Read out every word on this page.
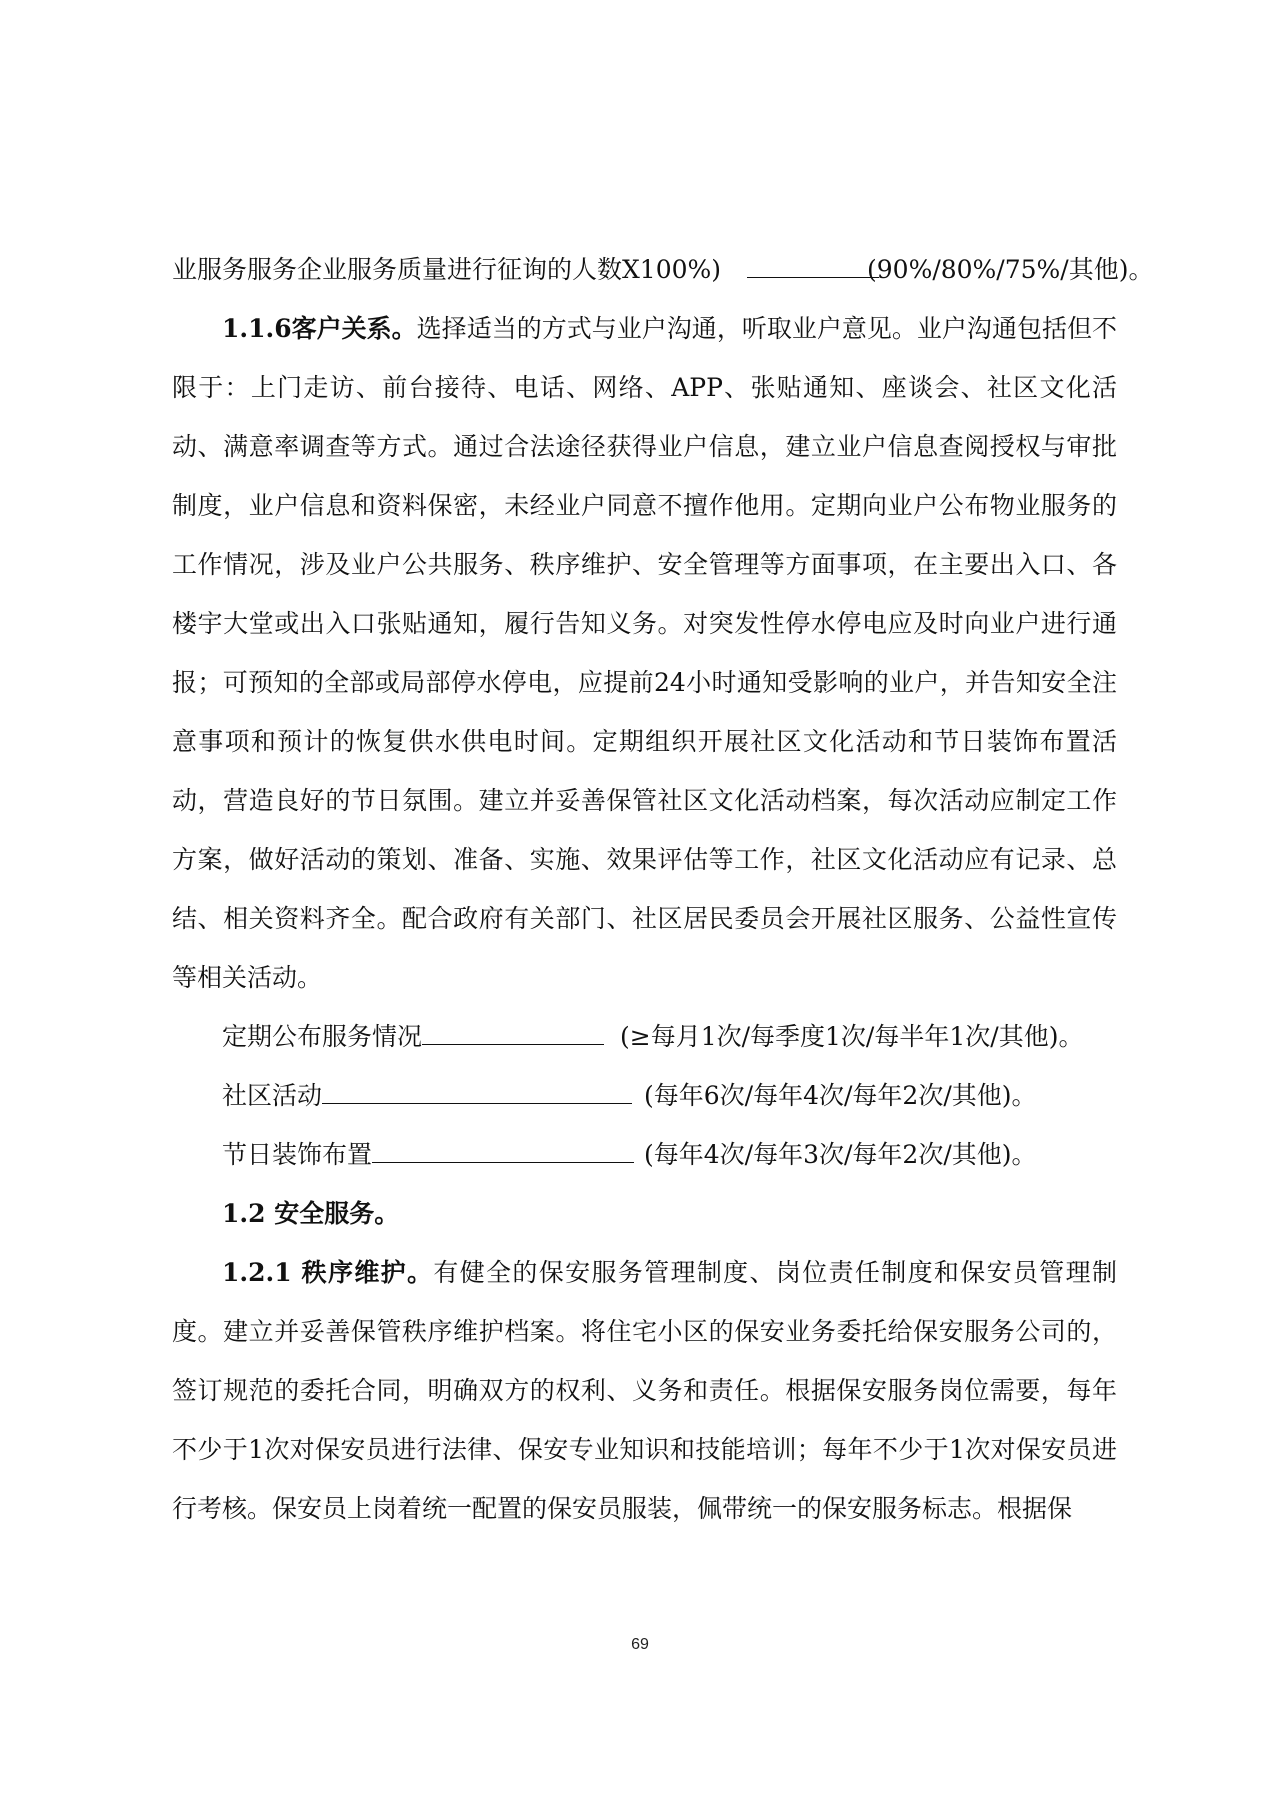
业服务服务企业服务质量进行征询的人数X100%)	(90%/80%/75%/其他)。

1.1.6客户关系。选择适当的方式与业户沟通，听取业户意见。业户沟通包括但不限于：上门走访、前台接待、电话、网络、APP、张贴通知、座谈会、社区文化活动、满意率调查等方式。通过合法途径获得业户信息，建立业户信息查阅授权与审批制度，业户信息和资料保密，未经业户同意不擅作他用。定期向业户公布物业服务的工作情况，涉及业户公共服务、秩序维护、安全管理等方面事项，在主要出入口、各楼宇大堂或出入口张贴通知，履行告知义务。对突发性停水停电应及时向业户进行通报；可预知的全部或局部停水停电，应提前24小时通知受影响的业户，并告知安全注意事项和预计的恢复供水供电时间。定期组织开展社区文化活动和节日装饰布置活动，营造良好的节日氛围。建立并妥善保管社区文化活动档案，每次活动应制定工作方案，做好活动的策划、准备、实施、效果评估等工作，社区文化活动应有记录、总结、相关资料齐全。配合政府有关部门、社区居民委员会开展社区服务、公益性宣传等相关活动。

定期公布服务情况	(≥每月1次/每季度1次/每半年1次/其他)。

社区活动	(每年6次/每年4次/每年2次/其他)。

节日装饰布置	(每年4次/每年3次/每年2次/其他)。

1.2 安全服务。

1.2.1 秩序维护。有健全的保安服务管理制度、岗位责任制度和保安员管理制度。建立并妥善保管秩序维护档案。将住宅小区的保安业务委托给保安服务公司的，签订规范的委托合同，明确双方的权利、义务和责任。根据保安服务岗位需要，每年不少于1次对保安员进行法律、保安专业知识和技能培训；每年不少于1次对保安员进行考核。保安员上岗着统一配置的保安员服装，佩带统一的保安服务标志。根据保

69
